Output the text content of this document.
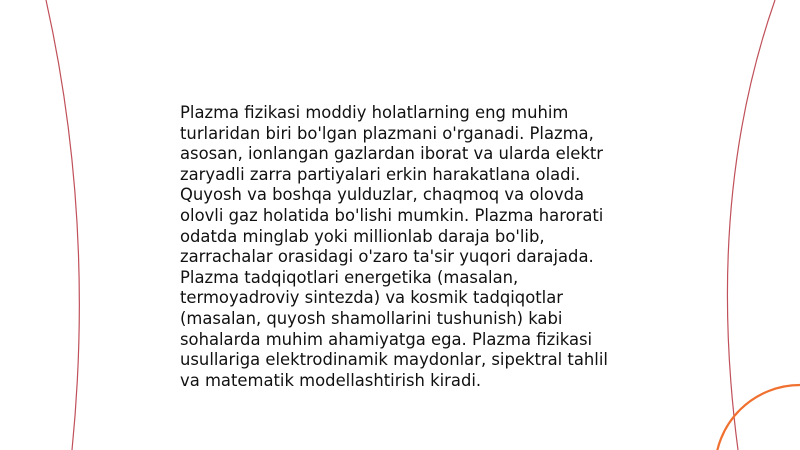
Plazma fizikasi moddiy holatlarning eng muhim
turlaridan biri bo'lgan plazmani o'rganadi. Plazma,
asosan, ionlangan gazlardan iborat va ularda elektr
zaryadli zarra partiyalari erkin harakatlana oladi.
Quyosh va boshqa yulduzlar, chaqmoq va olovda
olovli gaz holatida bo'lishi mumkin. Plazma harorati
odatda minglab yoki millionlab daraja bo'lib,
zarrachalar orasidagi o'zaro ta'sir yuqori darajada.
Plazma tadqiqotlari energetika (masalan,
termoyadroviy sintezda) va kosmik tadqiqotlar
(masalan, quyosh shamollarini tushunish) kabi
sohalarda muhim ahamiyatga ega. Plazma fizikasi
usullariga elektrodinamik maydonlar, sipektral tahlil
va matematik modellashtirish kiradi.
